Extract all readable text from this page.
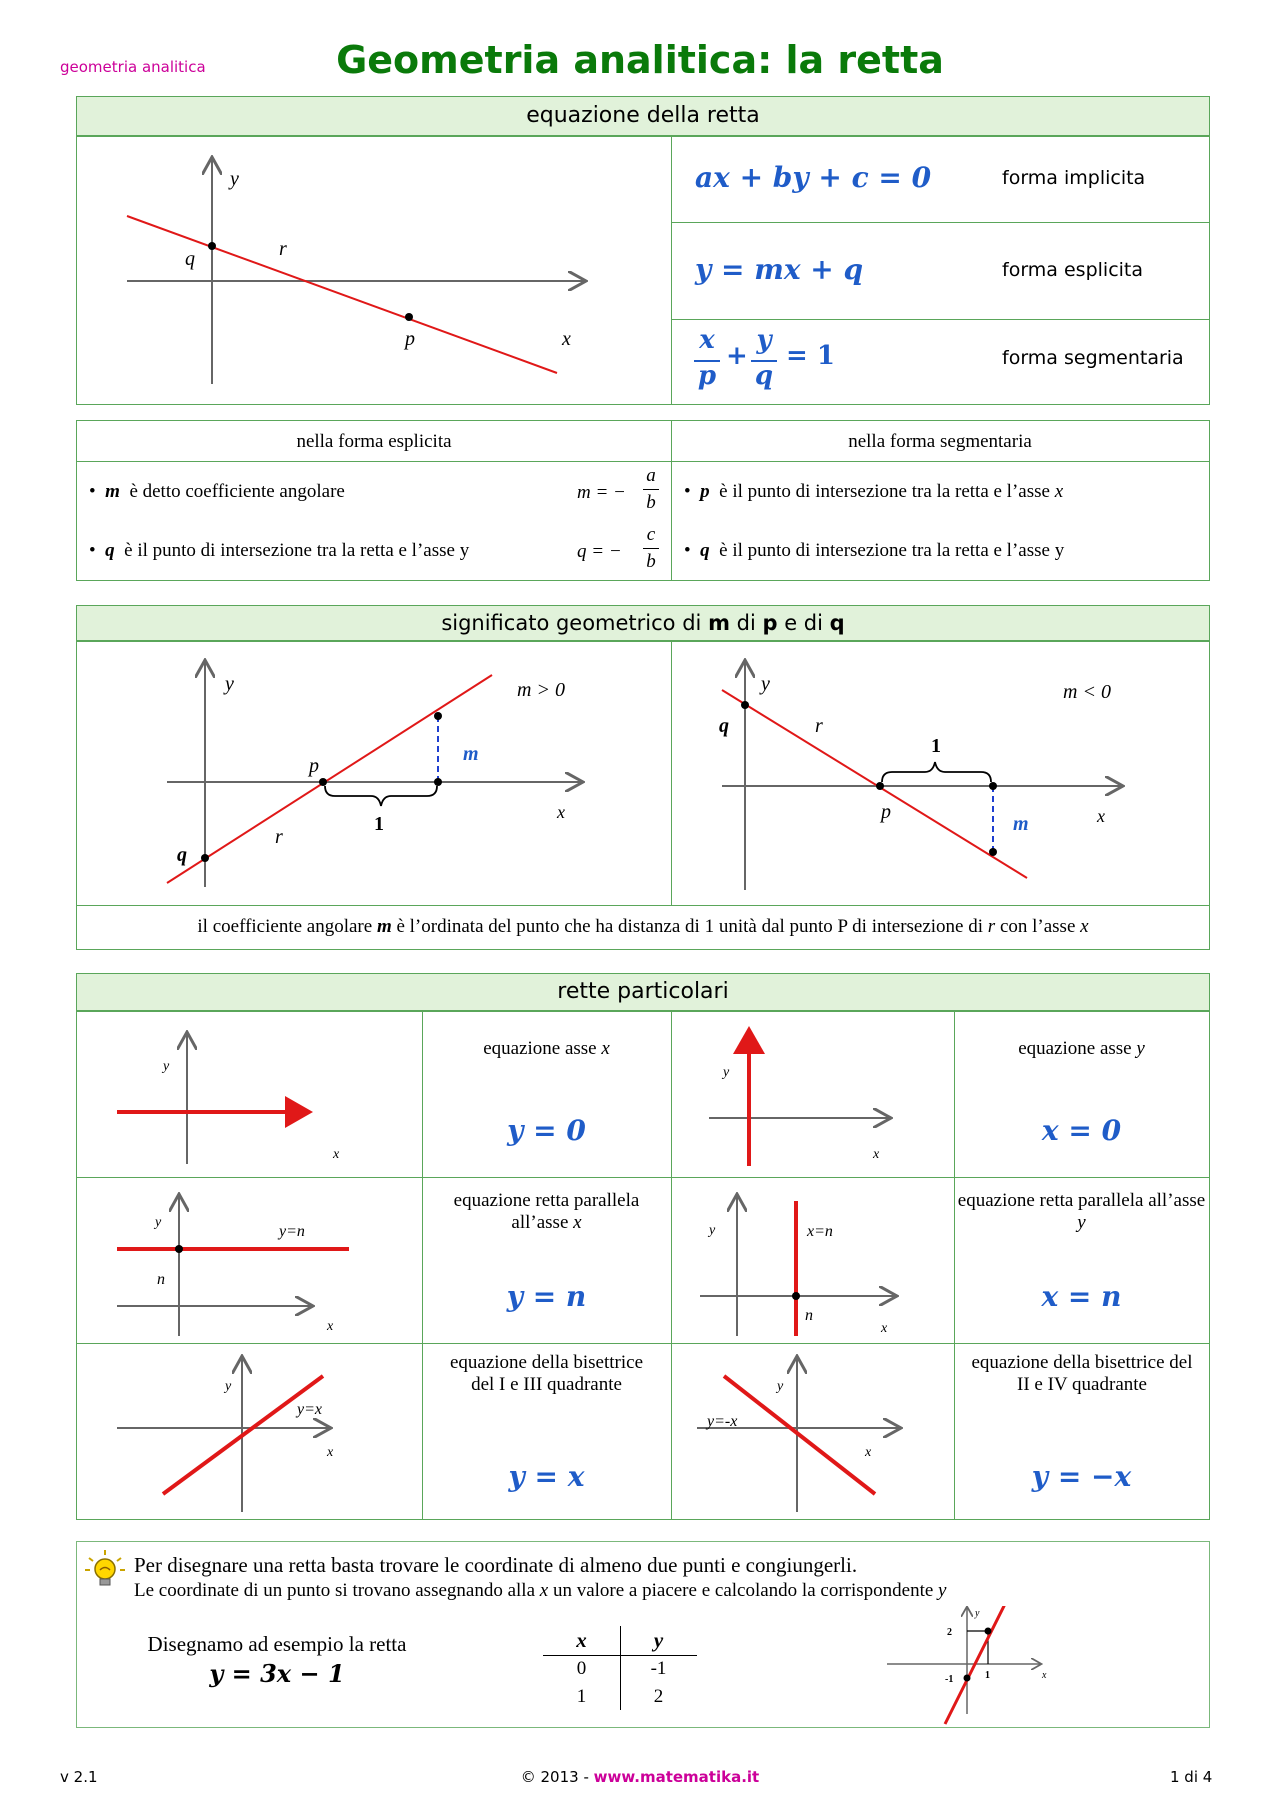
geometria analitica	Geometria analitica: la retta
equazione della retta
y
q	r
p	x
ax + by + c = 0	forma implicita
y = mx + q	forma esplicita
x
p
+
y
q
= 1	forma segmentaria
nella forma esplicita	nella forma segmentaria
•  m è detto coefficiente angolare	m = −
a
b
•  q è il punto di intersezione tra la retta e l’asse y	q = −
c
b
•  p è il punto di intersezione tra la retta e l’asse x
•  q è il punto di intersezione tra la retta e l’asse y
significato geometrico di m di p e di q
y	m > 0
p
m
x
1
r
q
y	m < 0
q	r
1
p
m	x
il coefficiente angolare m è l’ordinata del punto che ha distanza di 1 unità dal punto P di intersezione di r con l’asse x
rette particolari
y
x
equazione asse x
y = 0
y
x
equazione asse y
x = 0
y
y=n
n
x
equazione retta parallela all’asse x
y = n
y	x=n
n
x
equazione retta parallela all’asse y
x = n
y
y=x
x
equazione della bisettrice del I e III quadrante
y = x
y
y=-x
x
equazione della bisettrice del II e IV quadrante
y = −x
Per disegnare una retta basta trovare le coordinate di almeno due punti e congiungerli.
Le coordinate di un punto si trovano assegnando alla x un valore a piacere e calcolando la corrispondente y
Disegnamo ad esempio la retta
y = 3x − 1
x	y
0	-1
1	2
y
2
1
-1	x
v 2.1	© 2013 - www.matematika.it	1 di 4
